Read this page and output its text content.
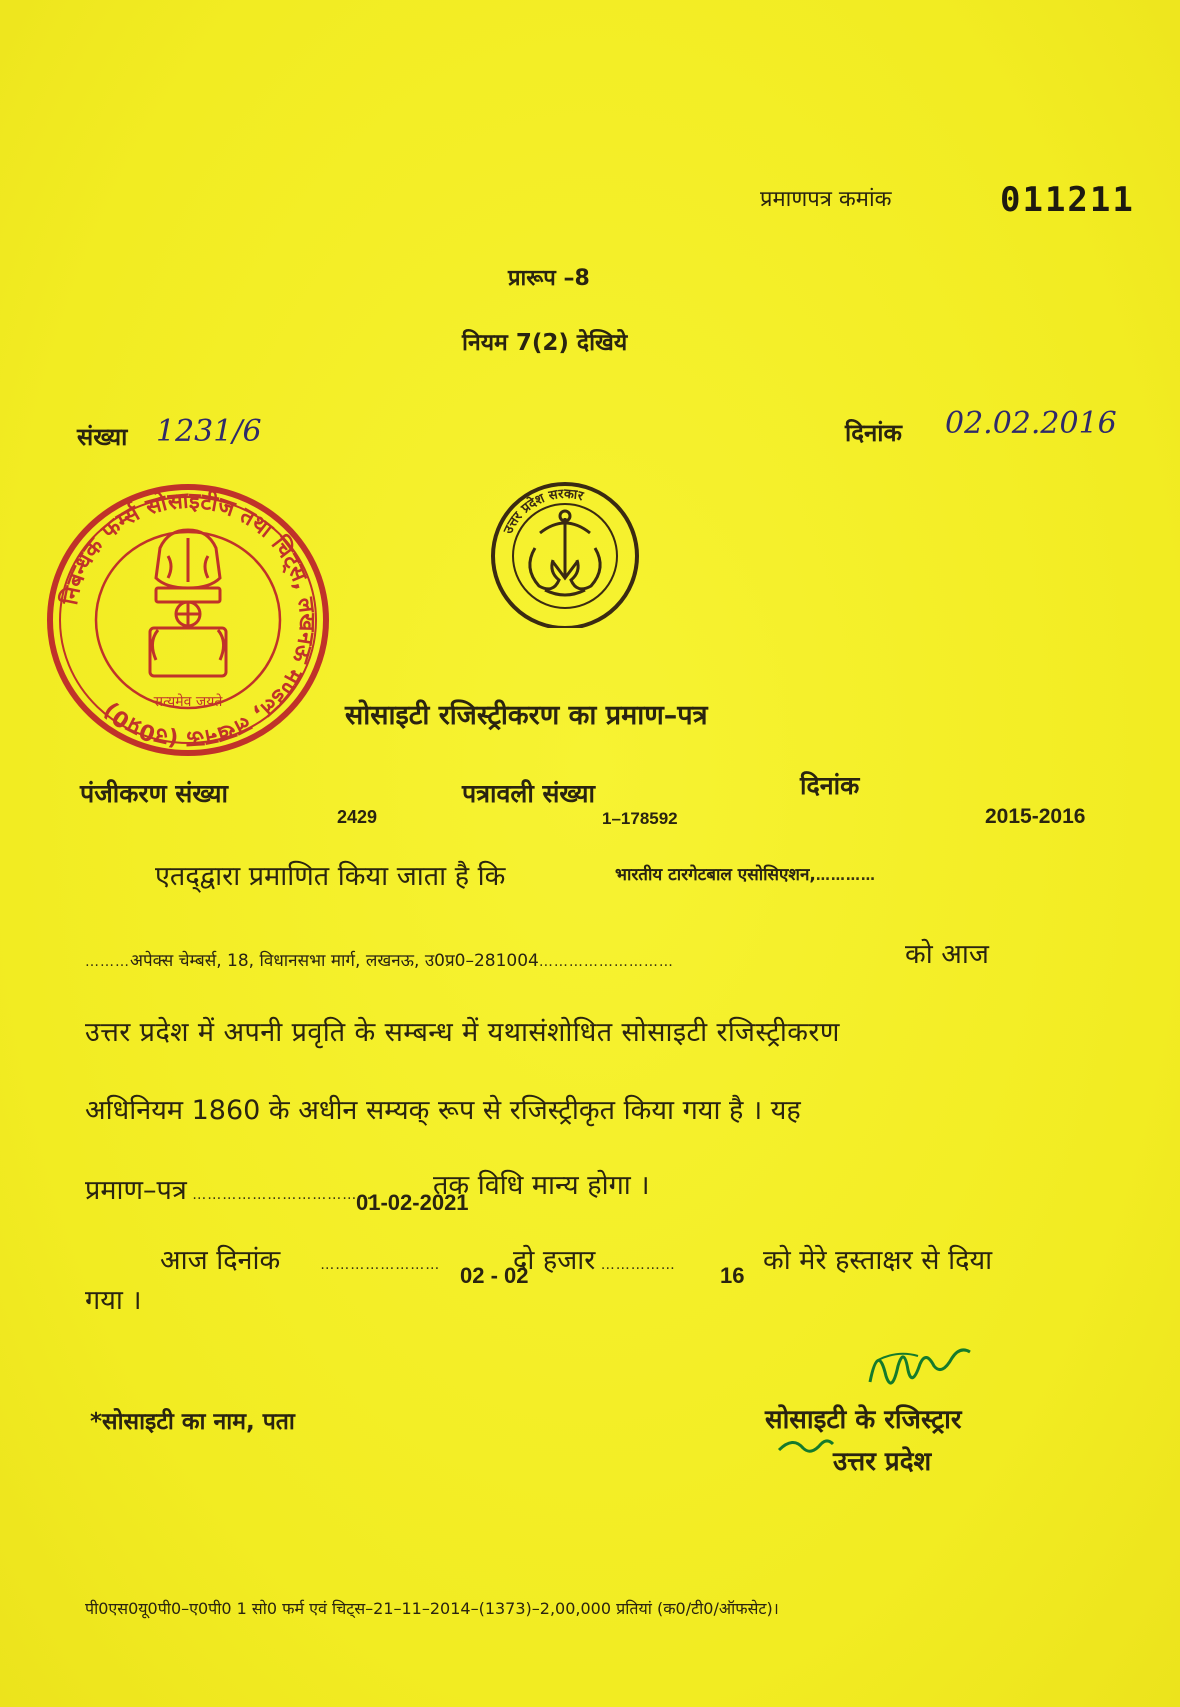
प्रमाणपत्र कमांक	011211
प्रारूप –8
नियम 7(2) देखिये
संख्या 1231/6	दिनांक 02.02.2016
निबन्धक फर्म्स सोसाइटीज तथा चिट्स, लखनऊ मण्डल, लखनऊ (उ0प्र0)	सत्यमेव जयते
उत्तर प्रदेश सरकार
सोसाइटी रजिस्ट्रीकरण का प्रमाण–पत्र
पंजीकरण संख्या	पत्रावली संख्या	दिनांक
2429	1–178592	2015-2016
एतद्‌द्वारा प्रमाणित किया जाता है कि	भारतीय टारगेटबाल एसोसिएशन,…………
………अपेक्स चेम्बर्स, 18, विधानसभा मार्ग, लखनऊ, उ0प्र0–281004………………………	को आज
उत्तर प्रदेश में अपनी प्रवृति के सम्बन्ध में यथासंशोधित सोसाइटी रजिस्ट्रीकरण
अधिनियम 1860 के अधीन सम्यक्‌ रूप से रजिस्ट्रीकृत किया गया है । यह
प्रमाण–पत्र ……………………………… तक विधि मान्य होगा ।
01-02-2021
आज दिनांक	……………………	दो हजार ……………	को मेरे हस्ताक्षर से दिया
गया ।
02 - 02	16
*सोसाइटी का नाम, पता	सोसाइटी के रजिस्ट्रार
उत्तर प्रदेश
पी0एस0यू0पी0–ए0पी0 1 सो0 फर्म एवं चिट्स–21–11–2014–(1373)–2,00,000 प्रतियां (क0/टी0/ऑफसेट)।
